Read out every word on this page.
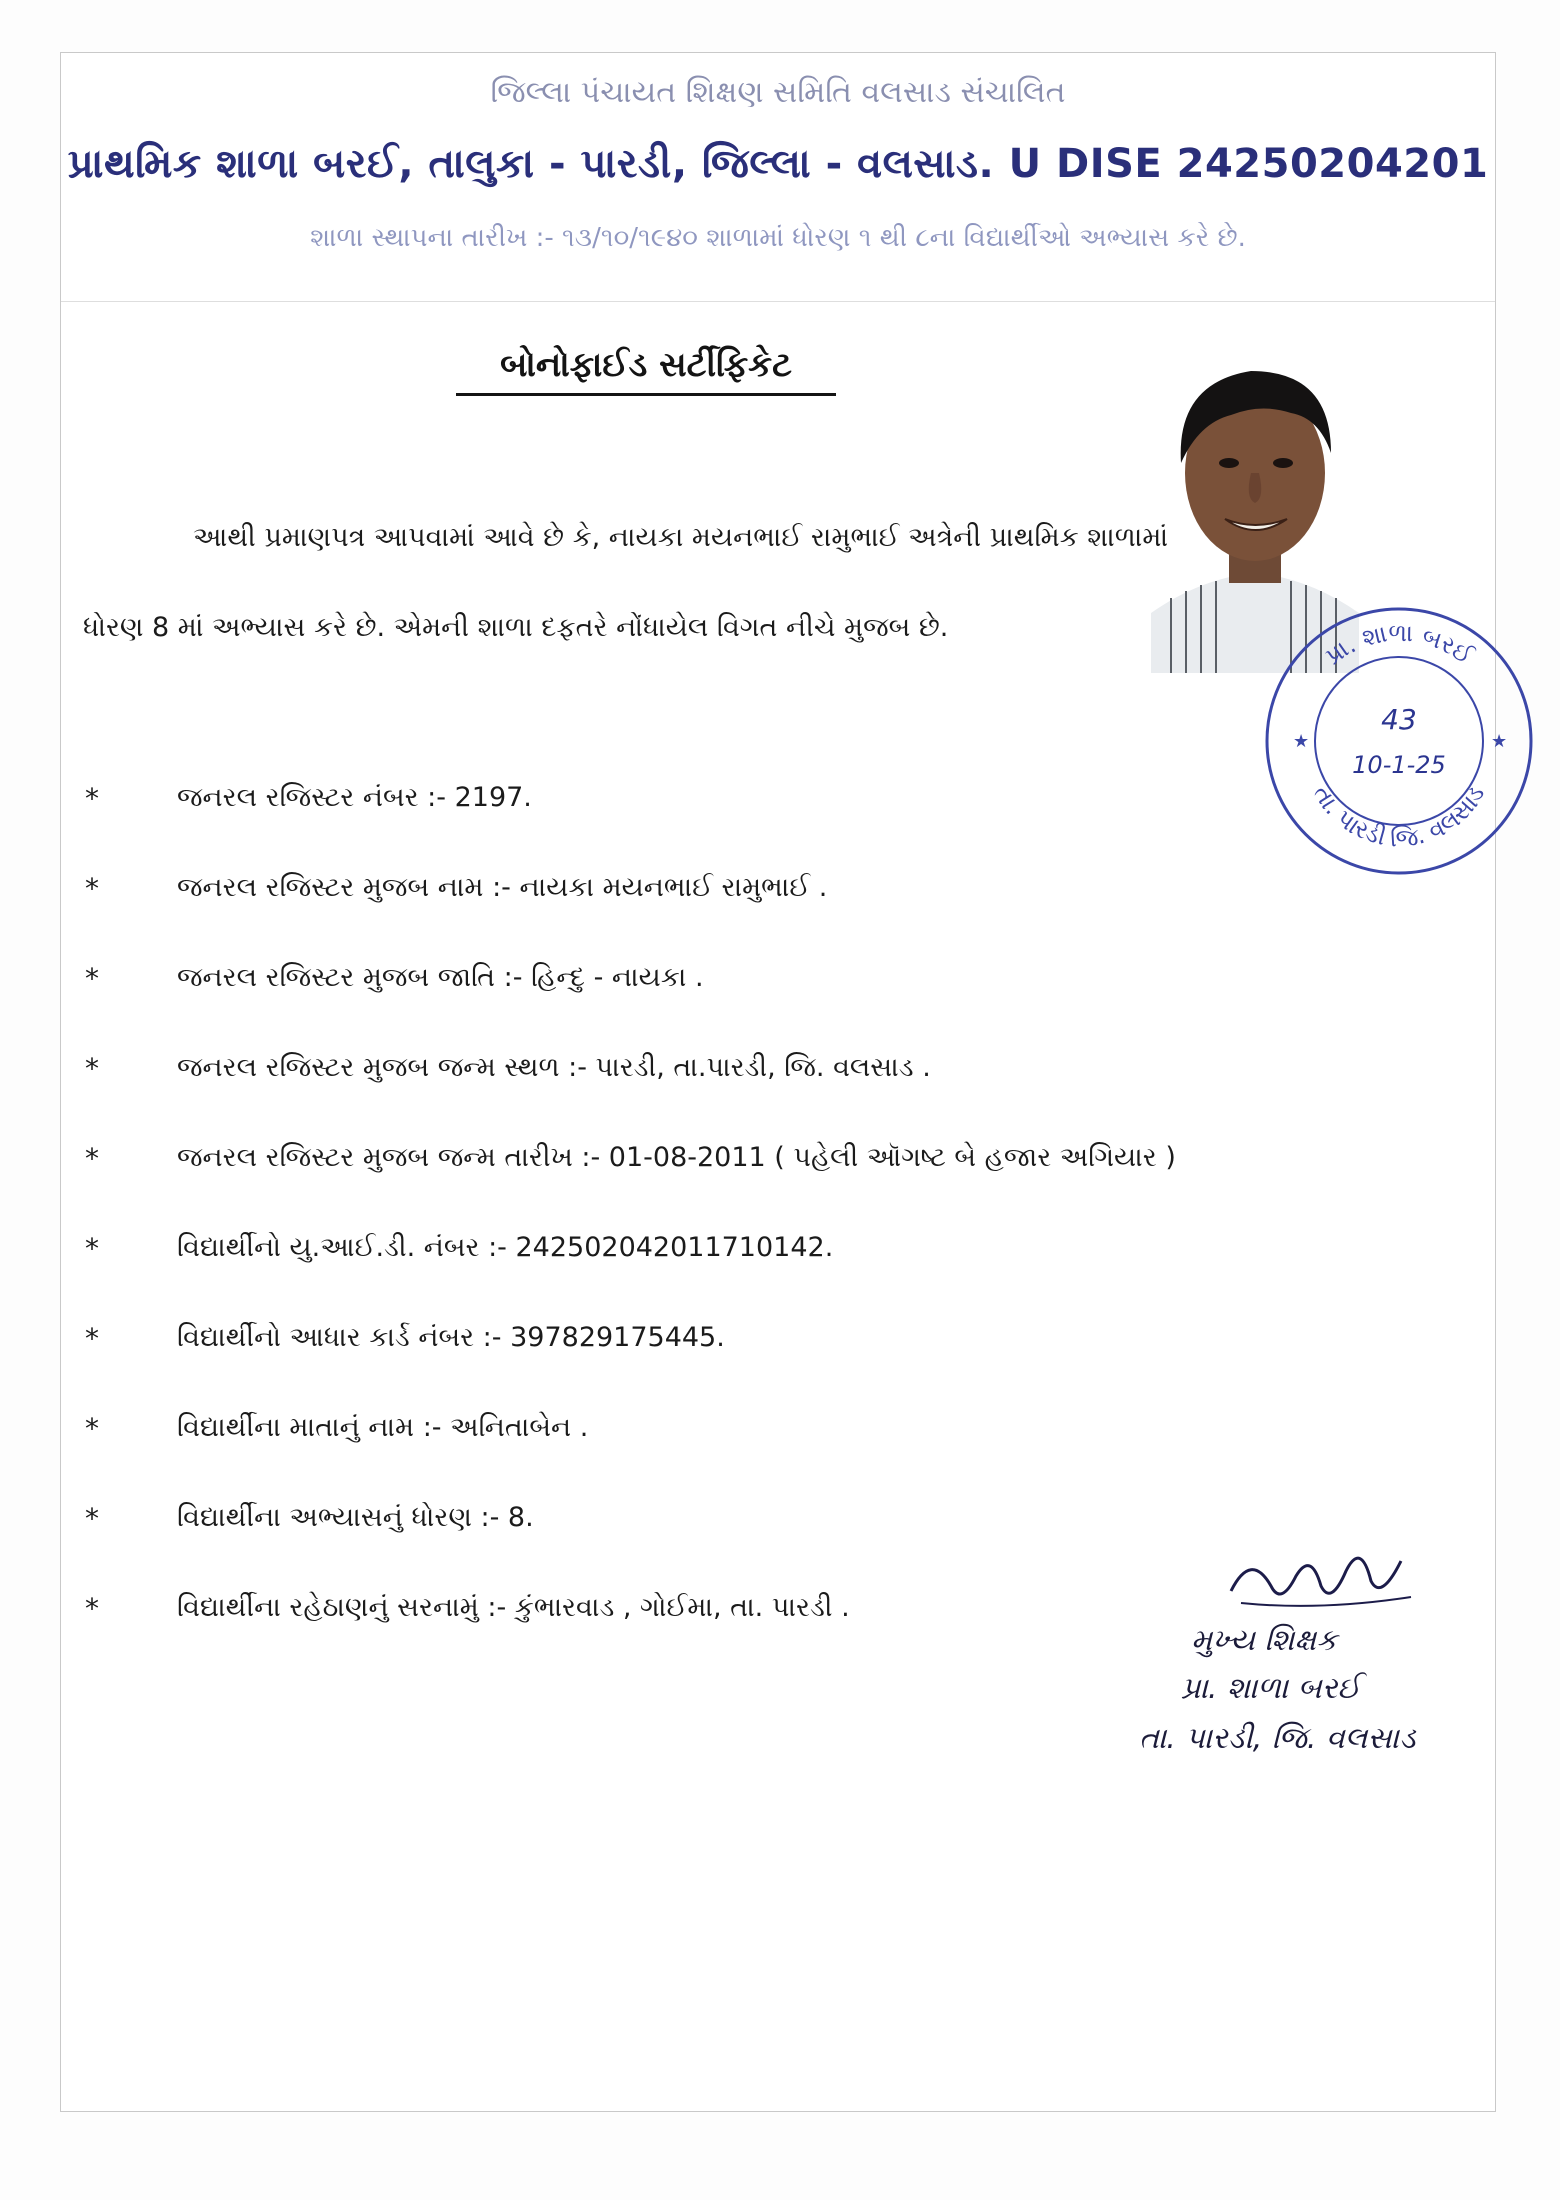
જિલ્લા પંચાયત શિક્ષણ સમિતિ વલસાડ સંચાલિત
પ્રાથમિક શાળા બરઈ, તાલુકા - પારડી, જિલ્લા - વલસાડ. U DISE 24250204201
શાળા સ્થાપના તારીખ :- ૧૩/૧૦/૧૯૪૦ શાળામાં ધોરણ ૧ થી ૮ના વિદ્યાર્થીઓ અભ્યાસ કરે છે.
બોનોફાઈડ સર્ટીફિકેટ
આથી પ્રમાણપત્ર આપવામાં આવે છે કે, નાયકા મયનભાઈ રામુભાઈ અત્રેની પ્રાથમિક શાળામાં ધોરણ 8 માં અભ્યાસ કરે છે. એમની શાળા દફતરે નોંધાયેલ વિગત નીચે મુજબ છે.
*	જનરલ રજિસ્ટર નંબર :- 2197.
*	જનરલ રજિસ્ટર મુજબ નામ :- નાયકા મયનભાઈ રામુભાઈ .
*	જનરલ રજિસ્ટર મુજબ જાતિ :- હિન્દુ - નાયકા .
*	જનરલ રજિસ્ટર મુજબ જન્મ સ્થળ :- પારડી, તા.પારડી, જિ. વલસાડ .
*	જનરલ રજિસ્ટર મુજબ જન્મ તારીખ :- 01-08-2011 ( પહેલી ઑગષ્ટ બે હજાર અગિયાર )
*	વિદ્યાર્થીનો યુ.આઈ.ડી. નંબર :- 242502042011710142.
*	વિદ્યાર્થીનો આધાર કાર્ડ નંબર :- 397829175445.
*	વિદ્યાર્થીના માતાનું નામ :- અનિતાબેન .
*	વિદ્યાર્થીના અભ્યાસનું ધોરણ :- 8.
*	વિદ્યાર્થીના રહેઠાણનું સરનામું :- કુંભારવાડ , ગોઈમા, તા. પારડી .
પ્રા. શાળા બરઈ
તા. પારડી જિ. વલસાડ
43
10-1-25
★	★
મુખ્ય શિક્ષક
પ્રા. શાળા બરઈ
તા. પારડી, જિ. વલસાડ
